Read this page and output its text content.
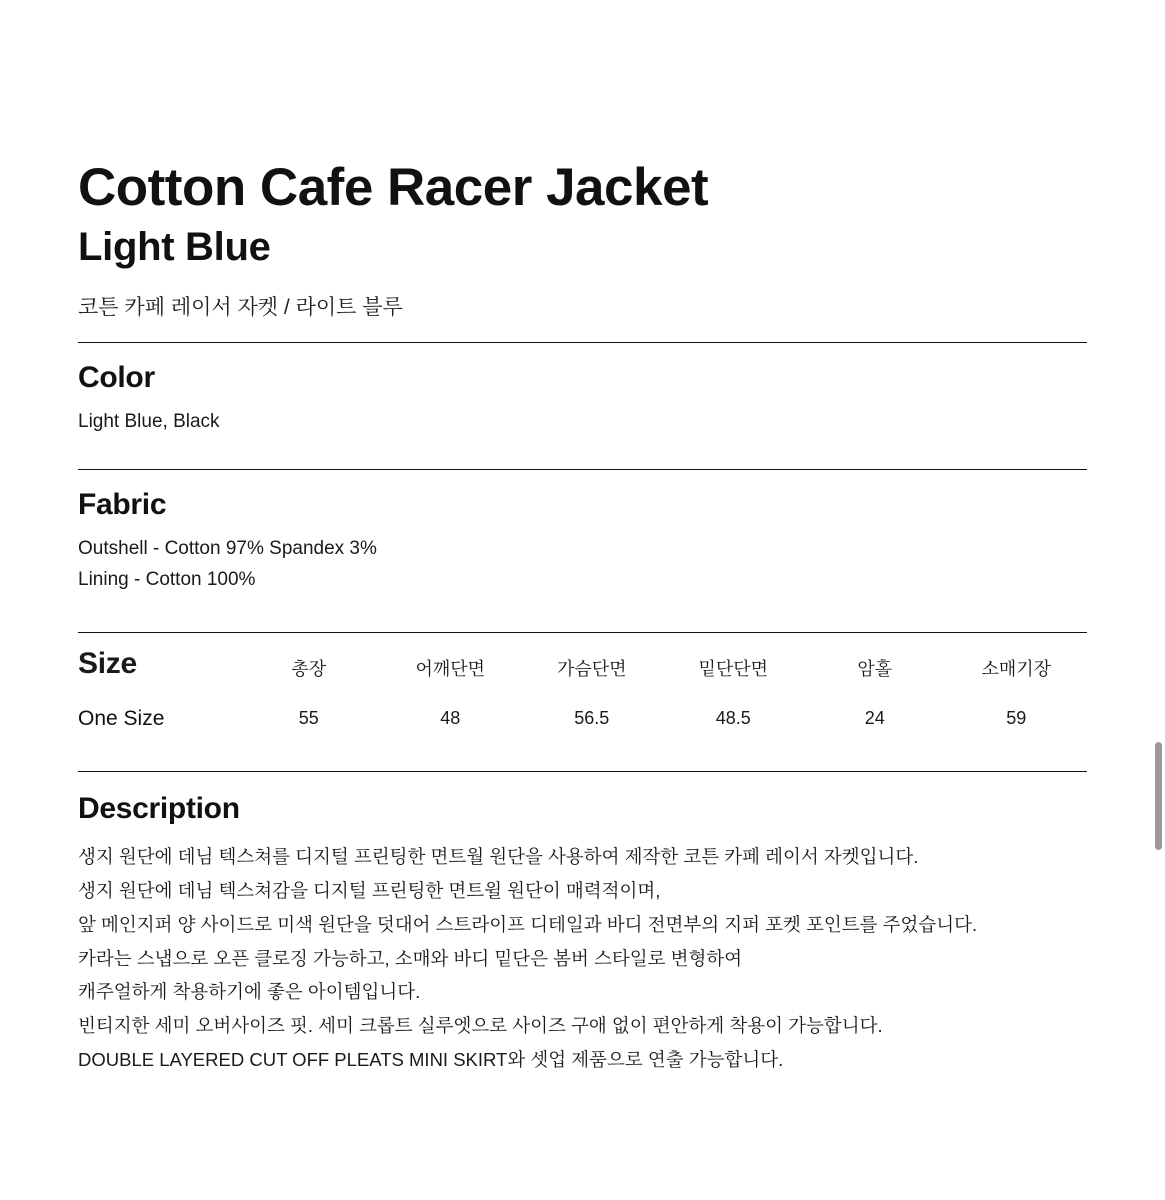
Cotton Cafe Racer Jacket
Light Blue
코튼 카페 레이서 자켓 / 라이트 블루
Color
Light Blue, Black
Fabric
Outshell - Cotton 97% Spandex 3%
Lining - Cotton 100%
Size	총장	어깨단면	가슴단면	밑단단면	암홀	소매기장
One Size	55	48	56.5	48.5	24	59
Description

생지 원단에 데님 텍스쳐를 디지털 프린팅한 면트월 원단을 사용하여 제작한 코튼 카페 레이서 자켓입니다.

생지 원단에 데님 텍스쳐감을 디지털 프린팅한 면트윌 원단이 매력적이며,

앞 메인지퍼 양 사이드로 미색 원단을 덧대어 스트라이프 디테일과 바디 전면부의 지퍼 포켓 포인트를 주었습니다.

카라는 스냅으로 오픈 클로징 가능하고, 소매와 바디 밑단은 봄버 스타일로 변형하여

캐주얼하게 착용하기에 좋은 아이템입니다.

빈티지한 세미 오버사이즈 핏. 세미 크롭트 실루엣으로 사이즈 구애 없이 편안하게 착용이 가능합니다.

DOUBLE LAYERED CUT OFF PLEATS MINI SKIRT와 셋업 제품으로 연출 가능합니다.
